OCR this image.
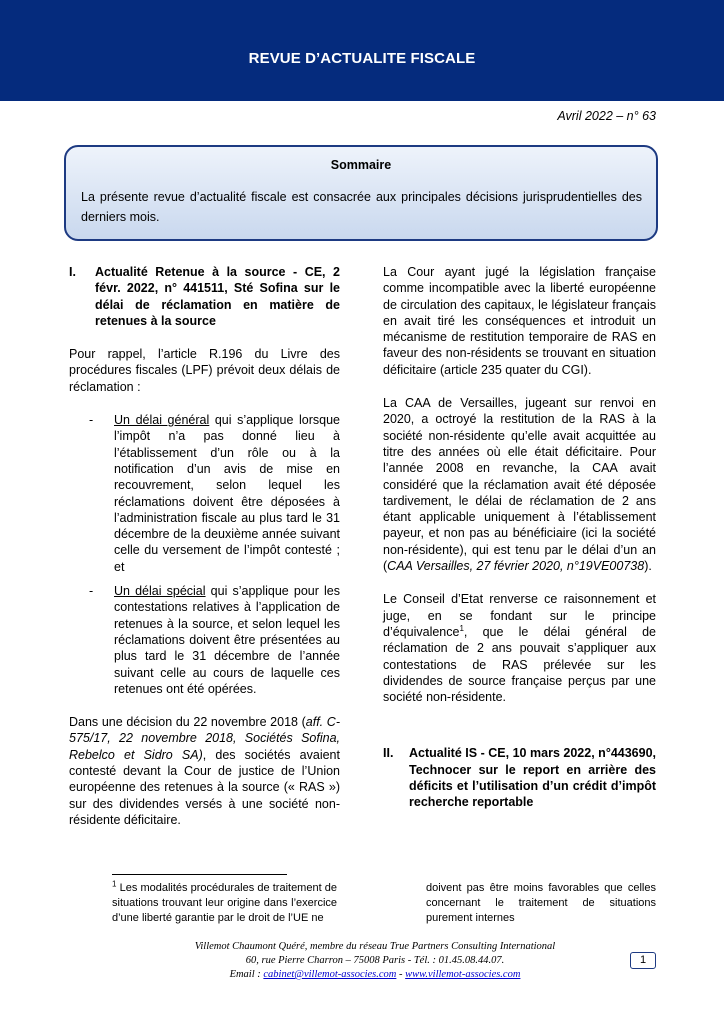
REVUE D’ACTUALITE FISCALE
Avril 2022 – n° 63
Sommaire
La présente revue d’actualité fiscale est consacrée aux principales décisions jurisprudentielles des derniers mois.
I.	Actualité Retenue à la source - CE, 2 févr. 2022, n° 441511, Sté Sofina sur le délai de réclamation en matière de retenues à la source

Pour rappel, l’article R.196 du Livre des procédures fiscales (LPF) prévoit deux délais de réclamation :

-	Un délai général qui s’applique lorsque l’impôt n’a pas donné lieu à l’établissement d’un rôle ou à la notification d’un avis de mise en recouvrement, selon lequel les réclamations doivent être déposées à l’administration fiscale au plus tard le 31 décembre de la deuxième année suivant celle du versement de l’impôt contesté ; et
-	Un délai spécial qui s’applique pour les contestations relatives à l’application de retenues à la source, et selon lequel les réclamations doivent être présentées au plus tard le 31 décembre de l’année suivant celle au cours de laquelle ces retenues ont été opérées.

Dans une décision du 22 novembre 2018 (aff. C-575/17, 22 novembre 2018, Sociétés Sofina, Rebelco et Sidro SA), des sociétés avaient contesté devant la Cour de justice de l’Union européenne des retenues à la source (« RAS ») sur des dividendes versés à une société non-résidente déficitaire.

La Cour ayant jugé la législation française comme incompatible avec la liberté européenne de circulation des capitaux, le législateur français en avait tiré les conséquences et introduit un mécanisme de restitution temporaire de RAS en faveur des non-résidents se trouvant en situation déficitaire (article 235 quater du CGI).

La CAA de Versailles, jugeant sur renvoi en 2020, a octroyé la restitution de la RAS à la société non-résidente qu’elle avait acquittée au titre des années où elle était déficitaire. Pour l’année 2008 en revanche, la CAA avait considéré que la réclamation avait été déposée tardivement, le délai de réclamation de 2 ans étant applicable uniquement à l’établissement payeur, et non pas au bénéficiaire (ici la société non-résidente), qui est tenu par le délai d’un an (CAA Versailles, 27 février 2020, n°19VE00738).

Le Conseil d’Etat renverse ce raisonnement et juge, en se fondant sur le principe d’équivalence$^1$, que le délai général de réclamation de 2 ans pouvait s’appliquer aux contestations de RAS prélevée sur les dividendes de source française perçus par une société non-résidente.

II.	Actualité IS - CE, 10 mars 2022, n°443690, Technocer sur le report en arrière des déficits et l’utilisation d’un crédit d’impôt recherche reportable
$^1$ Les modalités procédurales de traitement de situations trouvant leur origine dans l’exercice d’une liberté garantie par le droit de l’UE ne
doivent pas être moins favorables que celles concernant le traitement de situations purement internes
Villemot Chaumont Quéré, membre du réseau True Partners Consulting International
60, rue Pierre Charron – 75008 Paris - Tél. : 01.45.08.44.07.
Email : cabinet@villemot-associes.com - www.villemot-associes.com
1
